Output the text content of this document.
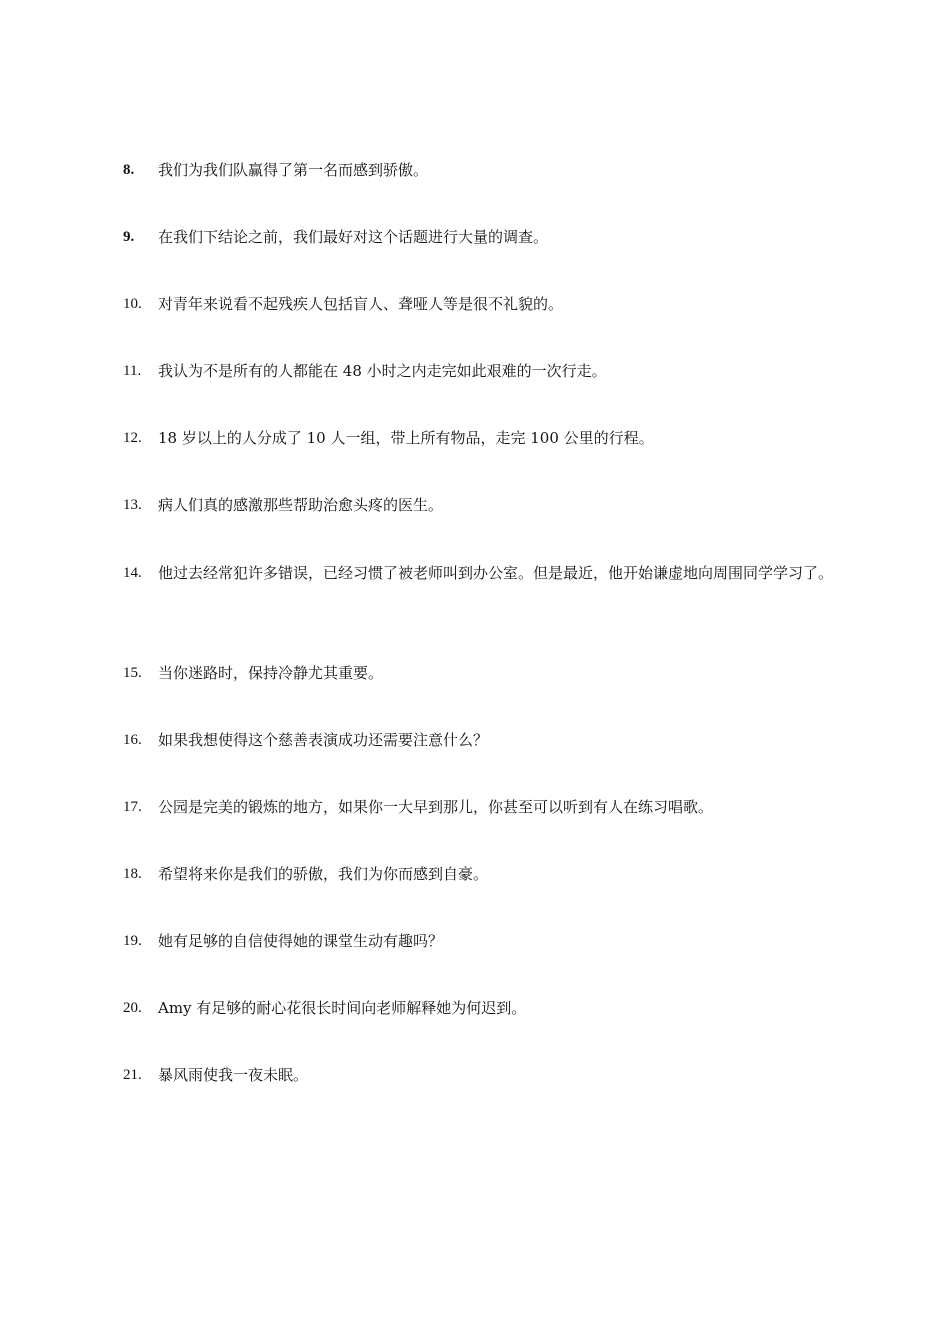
8. 我们为我们队赢得了第一名而感到骄傲。
9. 在我们下结论之前，我们最好对这个话题进行大量的调查。
10. 对青年来说看不起残疾人包括盲人、聋哑人等是很不礼貌的。
11. 我认为不是所有的人都能在 48 小时之内走完如此艰难的一次行走。
12. 18 岁以上的人分成了 10 人一组，带上所有物品，走完 100 公里的行程。
13. 病人们真的感激那些帮助治愈头疼的医生。
14. 他过去经常犯许多错误，已经习惯了被老师叫到办公室。但是最近，他开始谦虚地向周围同学学习了。
15. 当你迷路时，保持冷静尤其重要。
16. 如果我想使得这个慈善表演成功还需要注意什么？
17. 公园是完美的锻炼的地方，如果你一大早到那儿，你甚至可以听到有人在练习唱歌。
18. 希望将来你是我们的骄傲，我们为你而感到自豪。
19. 她有足够的自信使得她的课堂生动有趣吗？
20. Amy 有足够的耐心花很长时间向老师解释她为何迟到。
21. 暴风雨使我一夜未眠。
